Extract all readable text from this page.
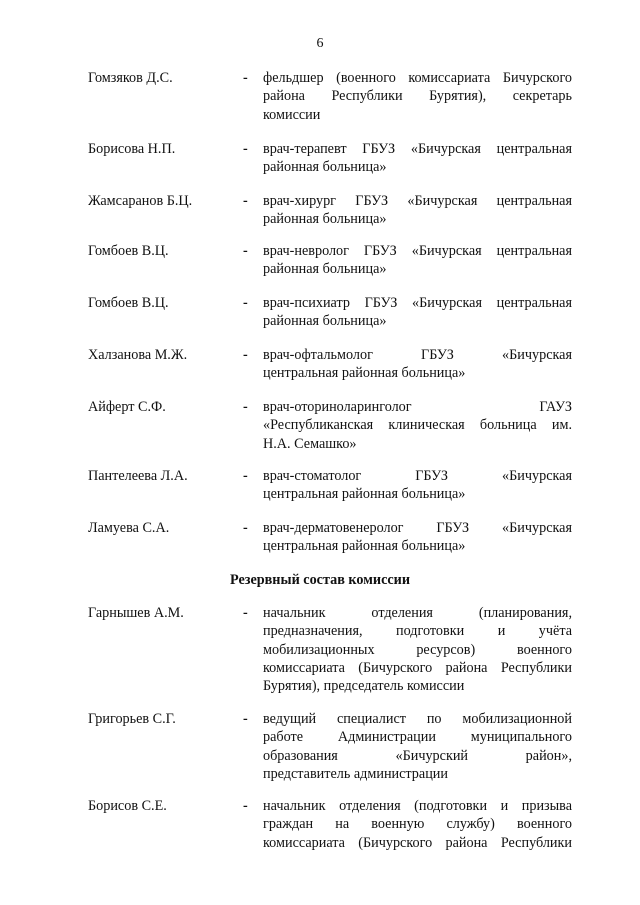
6
Гомзяков Д.С.	- фельдшер (военного комиссариата Бичурского
района Республики Бурятия), секретарь
комиссии
Борисова Н.П.	- врач-терапевт ГБУЗ «Бичурская центральная
районная больница»
Жамсаранов Б.Ц.	- врач-хирург ГБУЗ «Бичурская центральная
районная больница»
Гомбоев В.Ц.	- врач-невролог ГБУЗ «Бичурская центральная
районная больница»
Гомбоев В.Ц.	- врач-психиатр ГБУЗ «Бичурская центральная
районная больница»
Халзанова М.Ж.	- врач-офтальмолог ГБУЗ «Бичурская
центральная районная больница»
Айферт С.Ф.	- врач-оториноларинголог ГАУЗ
«Республиканская клиническая больница им.
Н.А. Семашко»
Пантелеева Л.А.	- врач-стоматолог ГБУЗ «Бичурская
центральная районная больница»
Ламуева С.А.	- врач-дерматовенеролог ГБУЗ «Бичурская
центральная районная больница»
Резервный состав комиссии
Гарнышев А.М.	- начальник отделения (планирования,
предназначения, подготовки и учёта
мобилизационных ресурсов) военного
комиссариата (Бичурского района Республики
Бурятия), председатель комиссии
Григорьев С.Г.	- ведущий специалист по мобилизационной
работе Администрации муниципального
образования «Бичурский район»,
представитель администрации
Борисов С.Е.	- начальник отделения (подготовки и призыва
граждан на военную службу) военного
комиссариата (Бичурского района Республики
